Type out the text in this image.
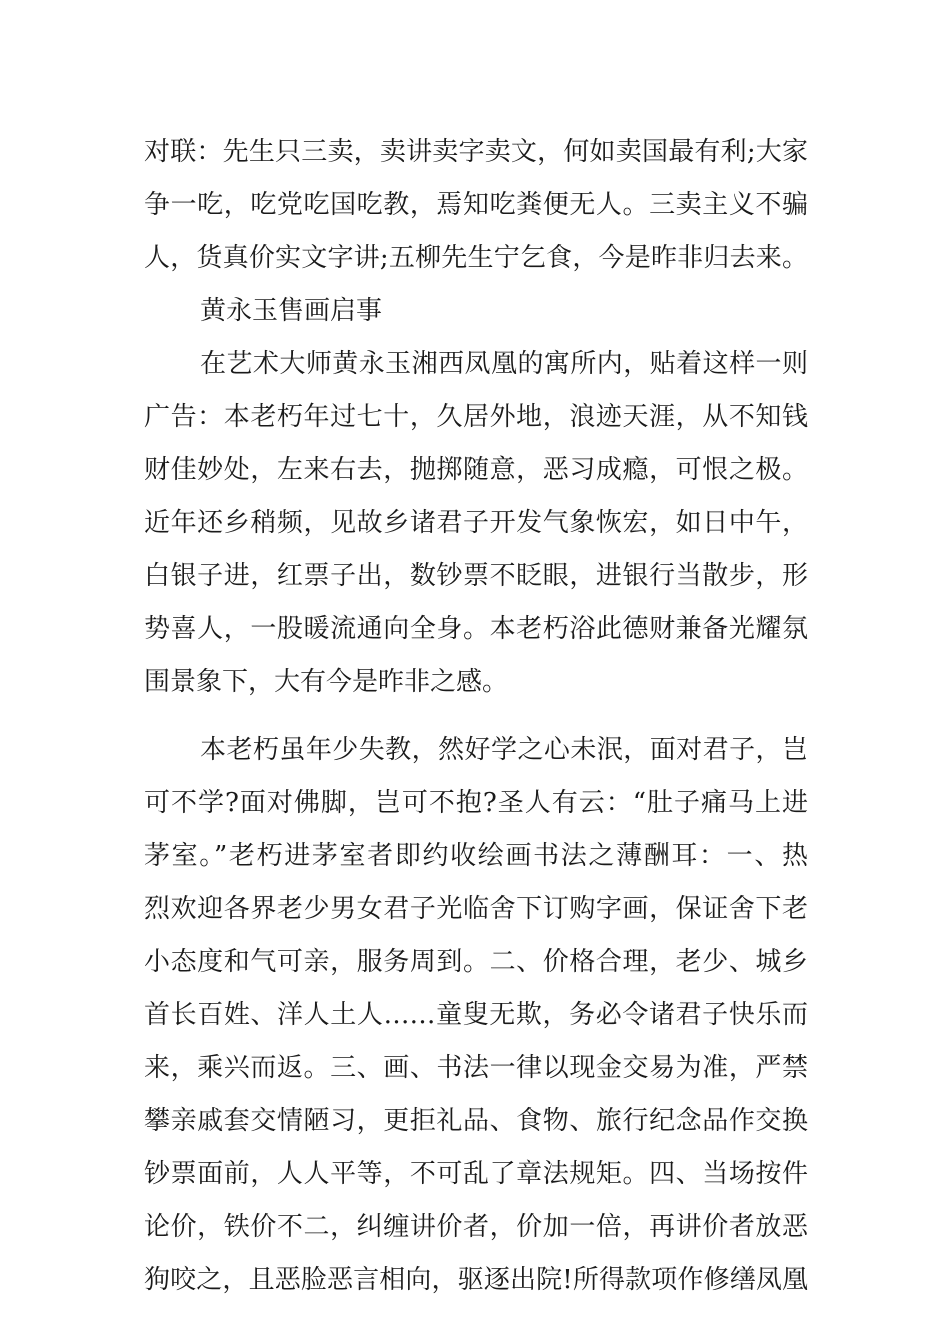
对联：先生只三卖，卖讲卖字卖文，何如卖国最有利;大家
争一吃，吃党吃国吃教，焉知吃粪便无人。三卖主义不骗
人，货真价实文字讲;五柳先生宁乞食，今是昨非归去来。
黄永玉售画启事
在艺术大师黄永玉湘西凤凰的寓所内，贴着这样一则
广告：本老朽年过七十，久居外地，浪迹天涯，从不知钱
财佳妙处，左来右去，抛掷随意，恶习成瘾，可恨之极。
近年还乡稍频，见故乡诸君子开发气象恢宏，如日中午，
白银子进，红票子出，数钞票不眨眼，进银行当散步，形
势喜人，一股暖流通向全身。本老朽浴此德财兼备光耀氛
围景象下，大有今是昨非之感。
本老朽虽年少失教，然好学之心未泯，面对君子，岂
可不学?面对佛脚，岂可不抱?圣人有云：“肚子痛马上进
茅室。”老朽进茅室者即约收绘画书法之薄酬耳：一、热
烈欢迎各界老少男女君子光临舍下订购字画，保证舍下老
小态度和气可亲，服务周到。二、价格合理，老少、城乡
首长百姓、洋人土人……童叟无欺，务必令诸君子快乐而
来，乘兴而返。三、画、书法一律以现金交易为准，严禁
攀亲戚套交情陋习，更拒礼品、食物、旅行纪念品作交换
钞票面前，人人平等，不可乱了章法规矩。四、当场按件
论价，铁价不二，纠缠讲价者，价加一倍，再讲价者放恶
狗咬之，且恶脸恶言相向，驱逐出院!所得款项作修缮凤凰
